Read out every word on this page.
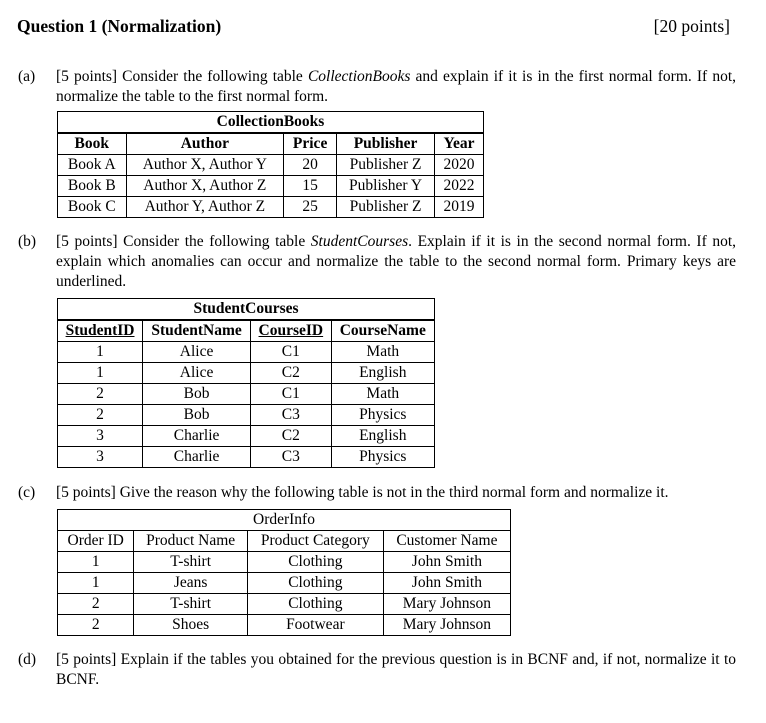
Question 1 (Normalization)	[20 points]
(a) [5 points] Consider the following table CollectionBooks and explain if it is in the first normal form. If not, normalize the table to the first normal form.
CollectionBooks				
Book	Author	Price	Publisher	Year
Book A	Author X, Author Y	20	Publisher Z	2020
Book B	Author X, Author Z	15	Publisher Y	2022
Book C	Author Y, Author Z	25	Publisher Z	2019
(b) [5 points] Consider the following table StudentCourses. Explain if it is in the second normal form. If not, explain which anomalies can occur and normalize the table to the second normal form. Primary keys are underlined.
StudentCourses			
StudentID	StudentName	CourseID	CourseName
1	Alice	C1	Math
1	Alice	C2	English
2	Bob	C1	Math
2	Bob	C3	Physics
3	Charlie	C2	English
3	Charlie	C3	Physics
(c) [5 points] Give the reason why the following table is not in the third normal form and normalize it.
OrderInfo			
Order ID	Product Name	Product Category	Customer Name
1	T-shirt	Clothing	John Smith
1	Jeans	Clothing	John Smith
2	T-shirt	Clothing	Mary Johnson
2	Shoes	Footwear	Mary Johnson
(d) [5 points] Explain if the tables you obtained for the previous question is in BCNF and, if not, normalize it to BCNF.
